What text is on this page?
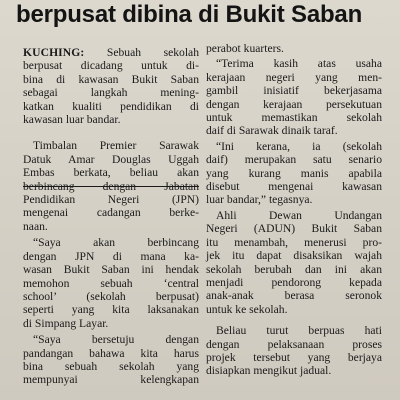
berpusat dibina di Bukit Saban

KUCHING: Sebuah sekolah
berpusat dicadang untuk di-
bina di kawasan Bukit Saban
sebagai langkah mening-
katkan kualiti pendidikan di
kawasan luar bandar.

Timbalan Premier Sarawak
Datuk Amar Douglas Uggah
Embas berkata, beliau akan
berbincang dengan Jabatan
Pendidikan Negeri (JPN)
mengenai cadangan berke-
naan.

“Saya akan berbincang
dengan JPN di mana ka-
wasan Bukit Saban ini hendak
memohon sebuah ‘central
school’ (sekolah berpusat)
seperti yang kita laksanakan
di Simpang Layar.

“Saya bersetuju dengan
pandangan bahawa kita harus
bina sebuah sekolah yang
mempunyai kelengkapan

perabot kuarters.

“Terima kasih atas usaha
kerajaan negeri yang men-
gambil inisiatif bekerjasama
dengan kerajaan persekutuan
untuk memastikan sekolah
daif di Sarawak dinaik taraf.

“Ini kerana, ia (sekolah
daif) merupakan satu senario
yang kurang manis apabila
disebut mengenai kawasan
luar bandar,” tegasnya.

Ahli Dewan Undangan
Negeri (ADUN) Bukit Saban
itu menambah, menerusi pro-
jek itu dapat disaksikan wajah
sekolah berubah dan ini akan
menjadi pendorong kepada
anak-anak berasa seronok
untuk ke sekolah.

Beliau turut berpuas hati
dengan pelaksanaan proses
projek tersebut yang berjaya
disiapkan mengikut jadual.
